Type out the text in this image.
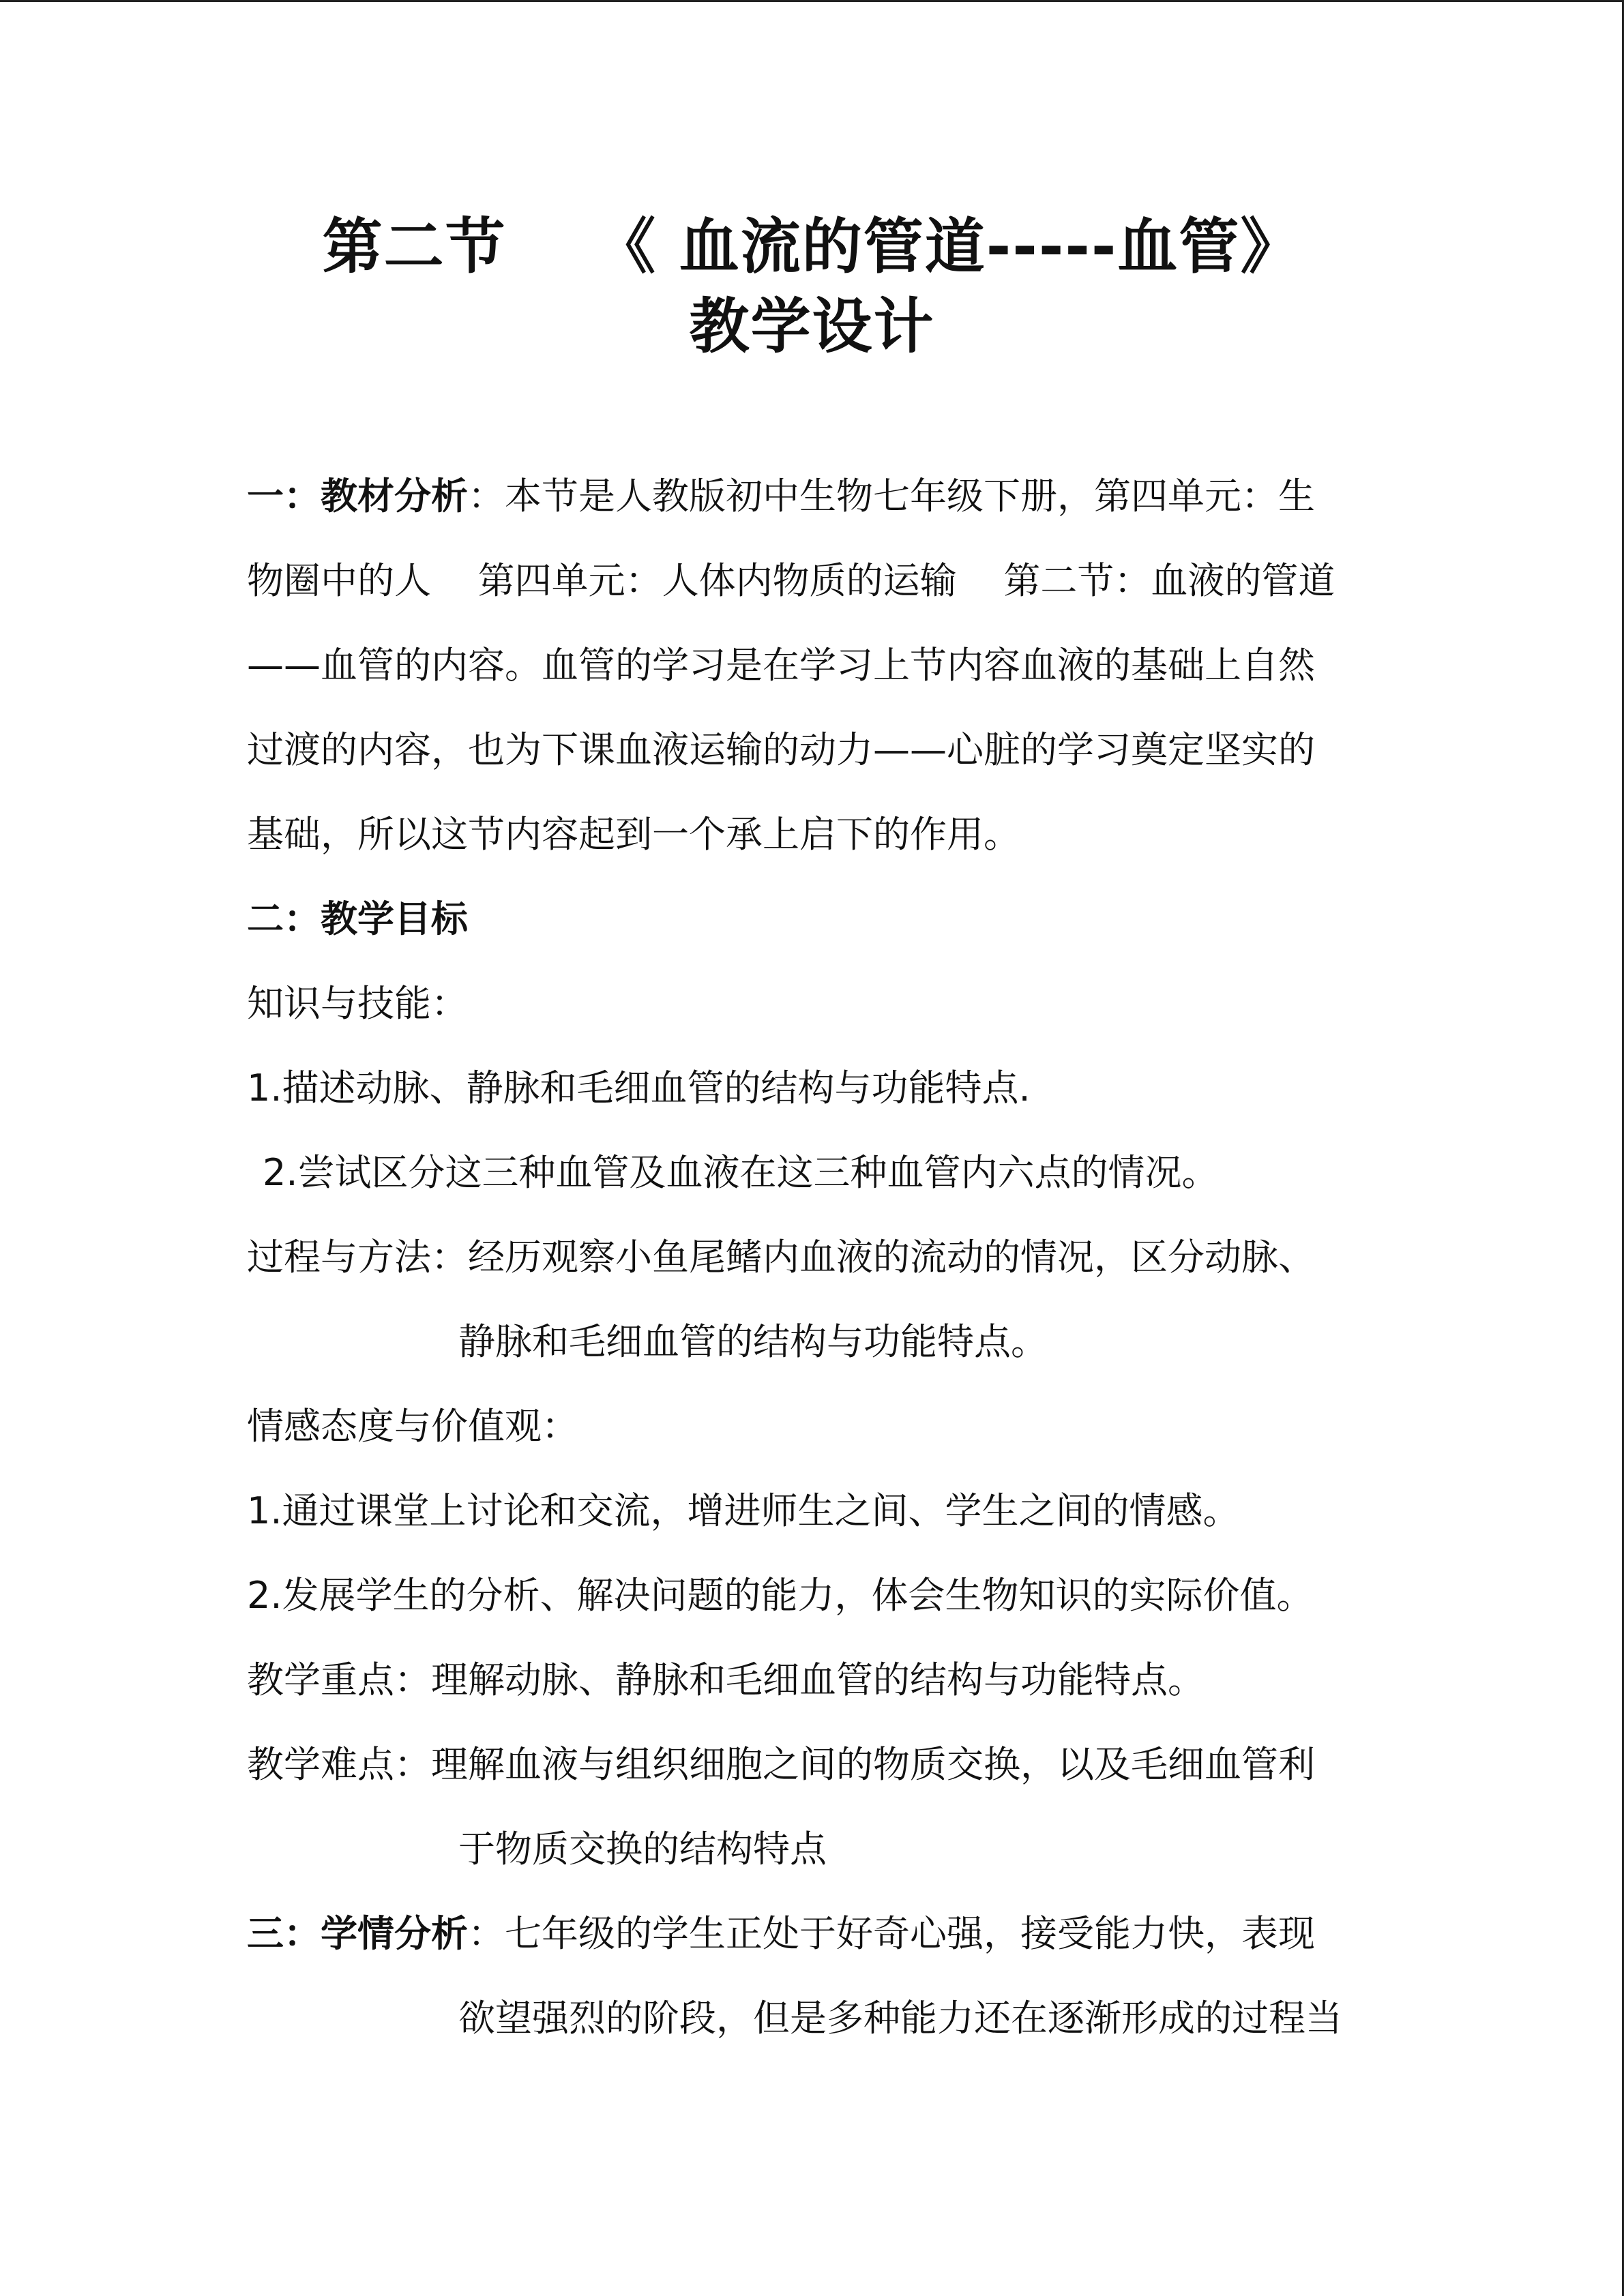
第二节    《 血流的管道-----血管》
教学设计
一：教材分析：本节是人教版初中生物七年级下册，第四单元：生
物圈中的人    第四单元：人体内物质的运输    第二节：血液的管道
——血管的内容。血管的学习是在学习上节内容血液的基础上自然
过渡的内容，也为下课血液运输的动力——心脏的学习奠定坚实的
基础，所以这节内容起到一个承上启下的作用。
二：教学目标
知识与技能：
1.描述动脉、静脉和毛细血管的结构与功能特点.
2.尝试区分这三种血管及血液在这三种血管内六点的情况。
过程与方法：经历观察小鱼尾鳍内血液的流动的情况，区分动脉、
静脉和毛细血管的结构与功能特点。
情感态度与价值观：
1.通过课堂上讨论和交流，增进师生之间、学生之间的情感。
2.发展学生的分析、解决问题的能力，体会生物知识的实际价值。
教学重点：理解动脉、静脉和毛细血管的结构与功能特点。
教学难点：理解血液与组织细胞之间的物质交换，以及毛细血管利
于物质交换的结构特点
三：学情分析：七年级的学生正处于好奇心强，接受能力快，表现
欲望强烈的阶段，但是多种能力还在逐渐形成的过程当
